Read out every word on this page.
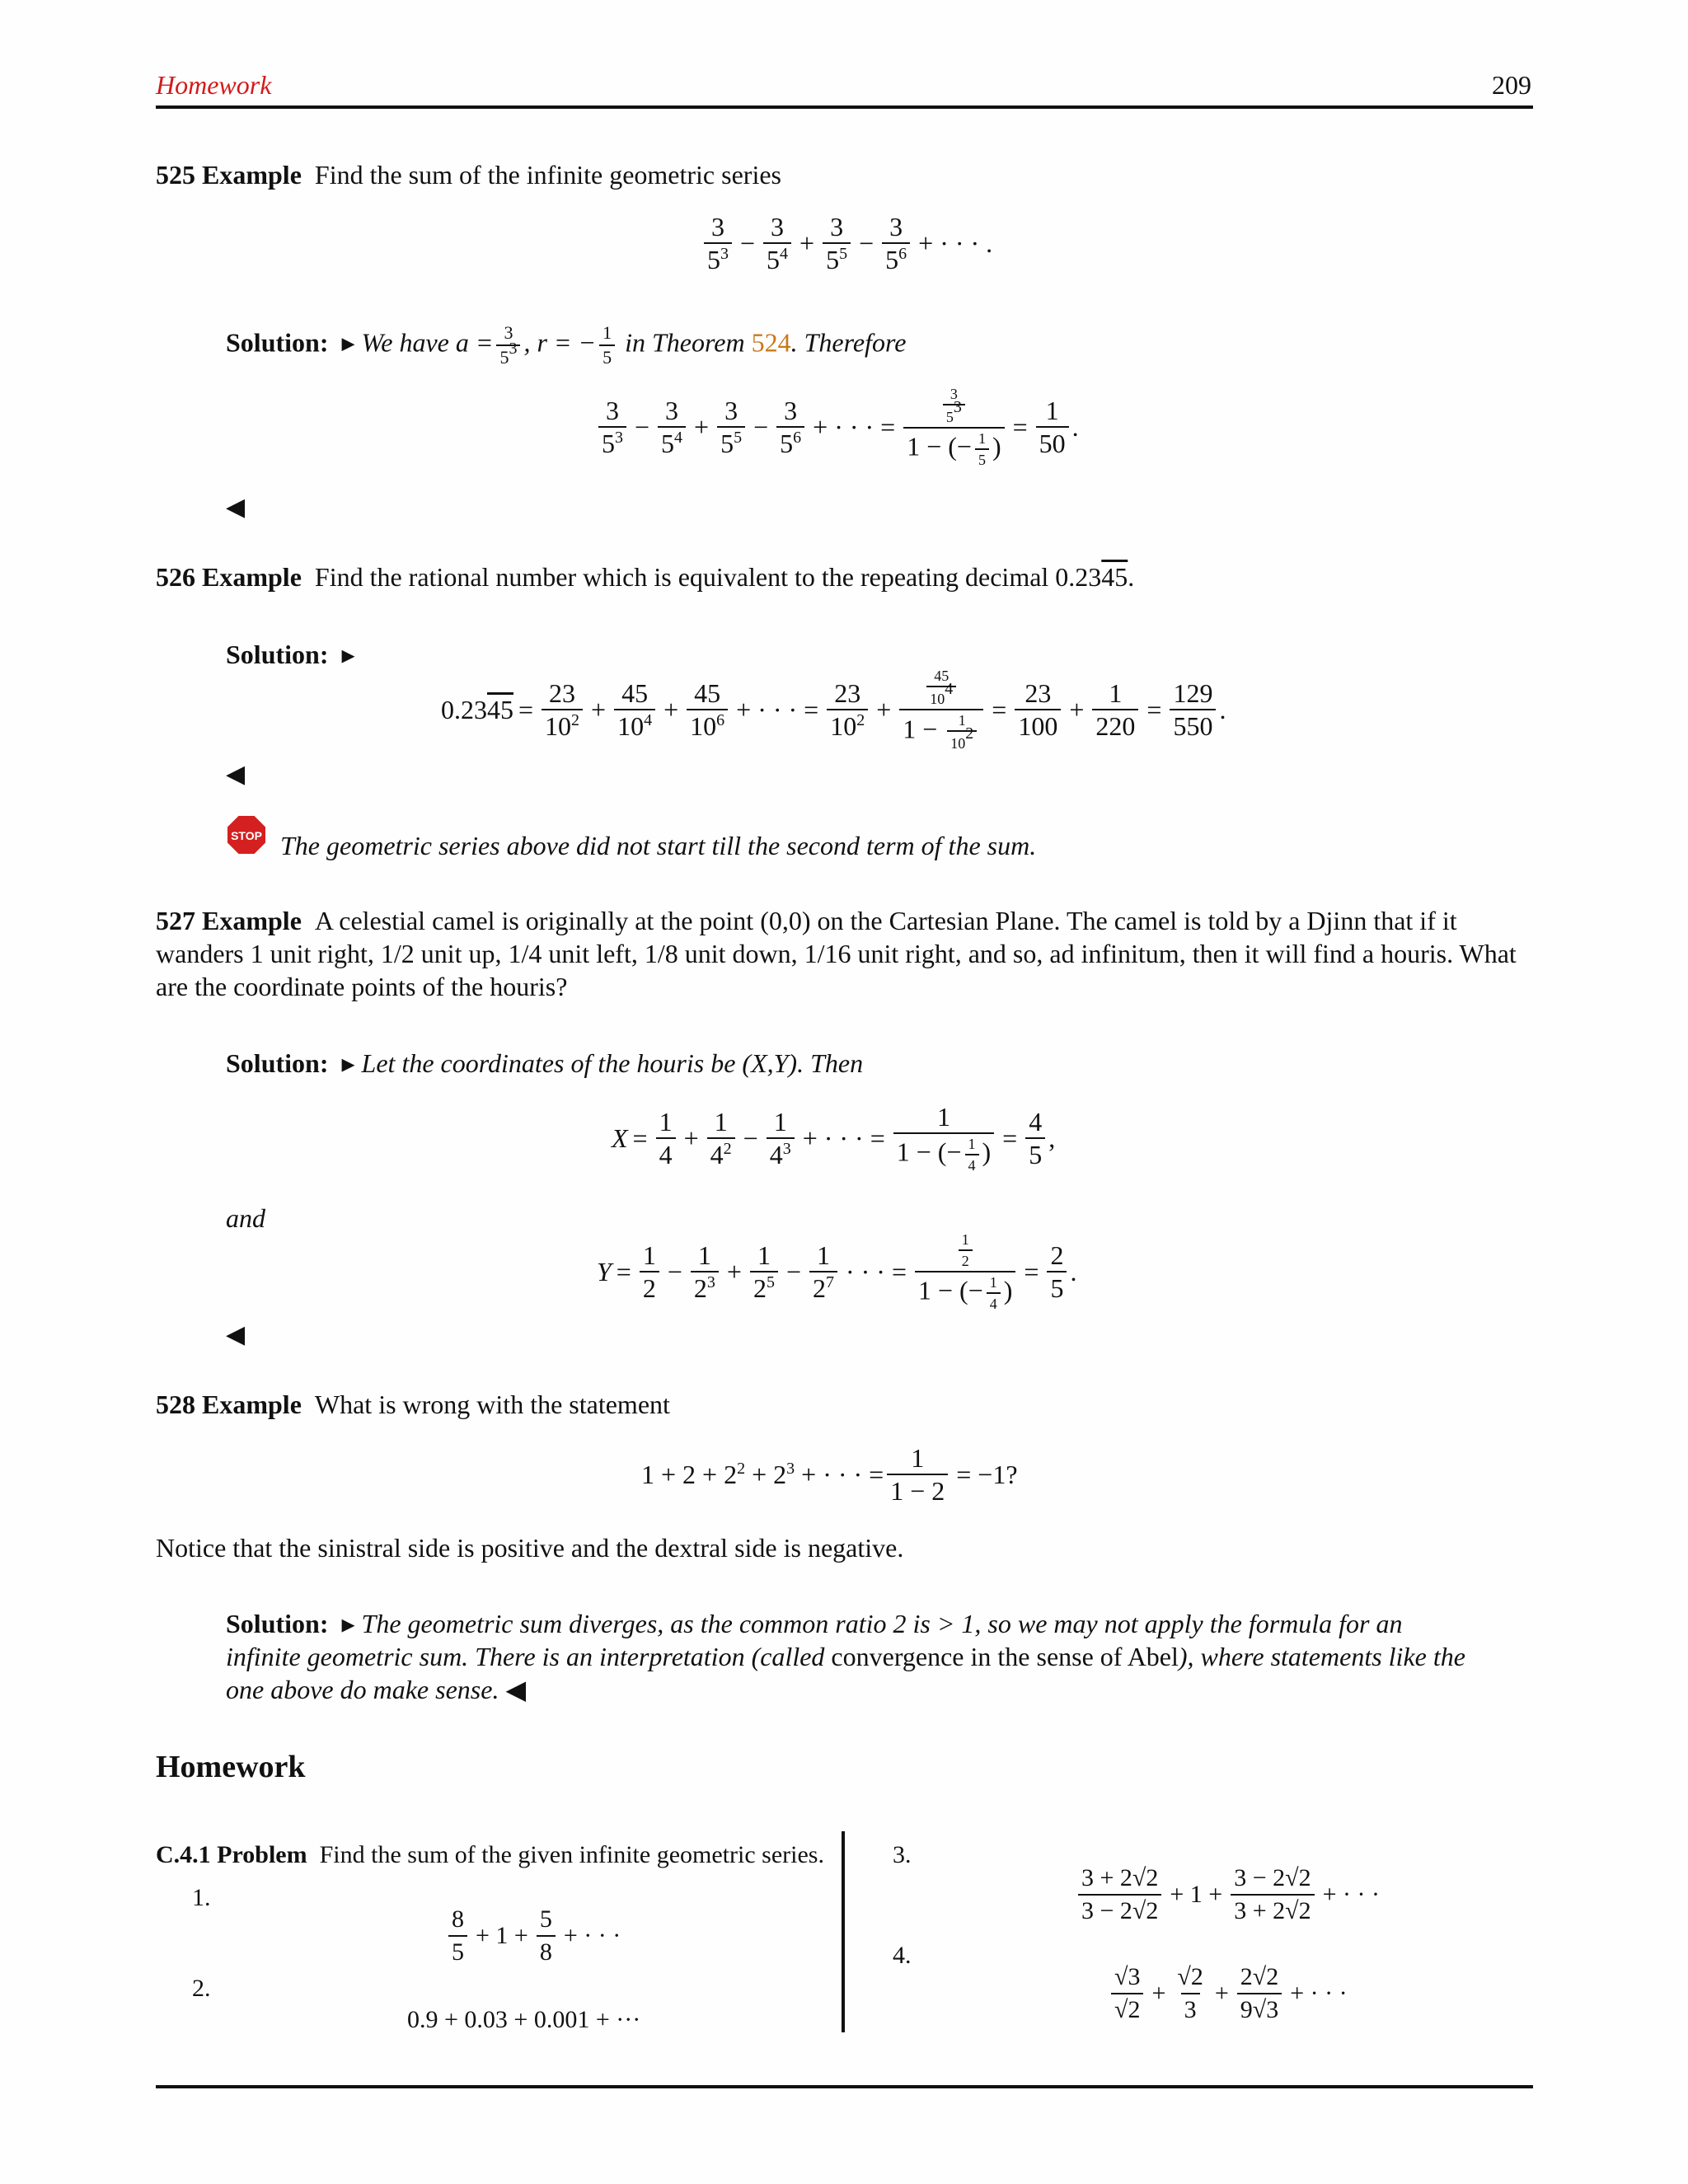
Homework	209
525 Example Find the sum of the infinite geometric series
$\frac{3}{5^3} - \frac{3}{5^4} + \frac{3}{5^5} - \frac{3}{5^6}$ + · · · .
Solution:  ▸ We have $a = \frac{3}{5^3}$ , r = − $\frac{1}{5}$ in Theorem 524. Therefore
$\frac{3}{5^3} - \frac{3}{5^4} + \frac{3}{5^5} - \frac{3}{5^6}$ + · · · = $\frac{\frac{3}{5^3}}{1 - (- \frac{1}{5} )} = \frac{1}{50}$ .
◀
526 Example Find the rational number which is equivalent to the repeating decimal 0.2345.
Solution:  ▸
$0.2345 = \frac{23}{10^2} + \frac{45}{10^4} + \frac{45}{10^6}$ + · · · = $\frac{23}{10^2} + \frac{\frac{45}{10^4}}{1 - \frac{1}{10^2}} = \frac{23}{100} + \frac{1}{220} = \frac{129}{550}$ .
◀
STOP The geometric series above did not start till the second term of the sum.
527 Example A celestial camel is originally at the point (0,0) on the Cartesian Plane. The camel is told by a Djinn that if it wanders 1 unit right, 1/2 unit up, 1/4 unit left, 1/8 unit down, 1/16 unit right, and so, ad infinitum, then it will find a houris. What are the coordinate points of the houris?
Solution:  ▸ Let the coordinates of the houris be (X,Y). Then
$X = \frac{1}{4} + \frac{1}{4^2} - \frac{1}{4^3}$ + · · · = $\frac{1}{1 - (- \frac{1}{4} )} = \frac{4}{5}$ ,
and
$Y = \frac{1}{2} - \frac{1}{2^3} + \frac{1}{2^5} - \frac{1}{2^7}$ · · · = $\frac{\frac{1}{2}}{1 - (- \frac{1}{4} )} = \frac{2}{5}$ .
◀
528 Example What is wrong with the statement
$1 + 2 + 2^2 + 2^3$ + · · · = $\frac{1}{1 - 2} = -1$?
Notice that the sinistral side is positive and the dextral side is negative.
Solution:  ▸ The geometric sum diverges, as the common ratio 2 is > 1, so we may not apply the formula for an infinite geometric sum. There is an interpretation (called convergence in the sense of Abel), where statements like the one above do make sense. ◀
Homework
C.4.1 Problem Find the sum of the given infinite geometric series.
1.
$\frac{8}{5} + 1 + \frac{5}{8}$ + · · ·
2.
0.9 + 0.03 + 0.001 + ···
3.
$\frac{3 + 2√2}{3 - 2√2} + 1 + \frac{3 - 2√2}{3 + 2√2}$ + · · ·
4.
$\frac{√3}{√2} + \frac{√2}{3} + \frac{2√2}{9√3}$ + · · ·
